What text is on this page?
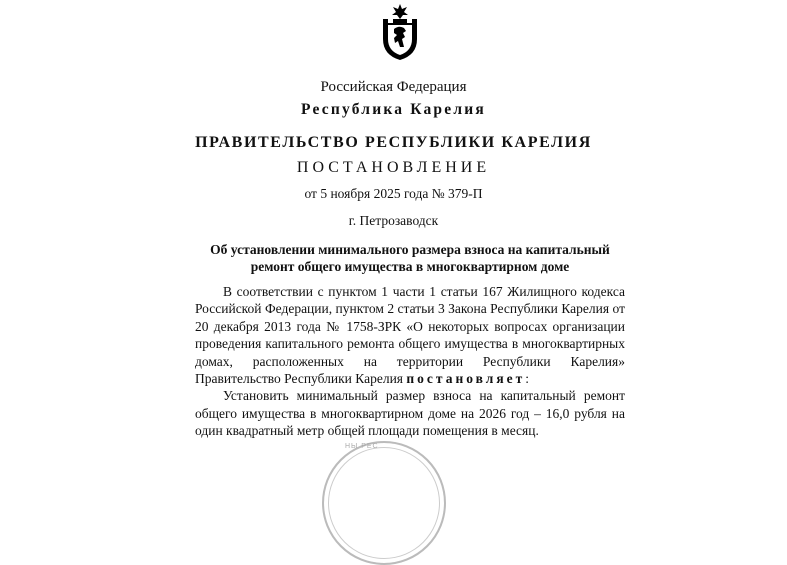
Российская Федерация
Республика Карелия
ПРАВИТЕЛЬСТВО РЕСПУБЛИКИ КАРЕЛИЯ
ПОСТАНОВЛЕНИЕ
от 5 ноября 2025 года № 379-П
г. Петрозаводск
Об установлении минимального размера взноса на капитальный
ремонт общего имущества в многоквартирном доме

В соответствии с пунктом 1 части 1 статьи 167 Жилищного кодекса Российской Федерации, пунктом 2 статьи 3 Закона Республики Карелия от 20 декабря 2013 года № 1758-ЗРК «О некоторых вопросах организации проведения капитального ремонта общего имущества в многоквартирных домах, расположенных на территории Республики Карелия» Правительство Республики Карелия постановляет:

Установить минимальный размер взноса на капитальный ремонт общего имущества в многоквартирном доме на 2026 год – 16,0 рубля на один квадратный метр общей площади помещения в месяц.

НЫ РЕС
